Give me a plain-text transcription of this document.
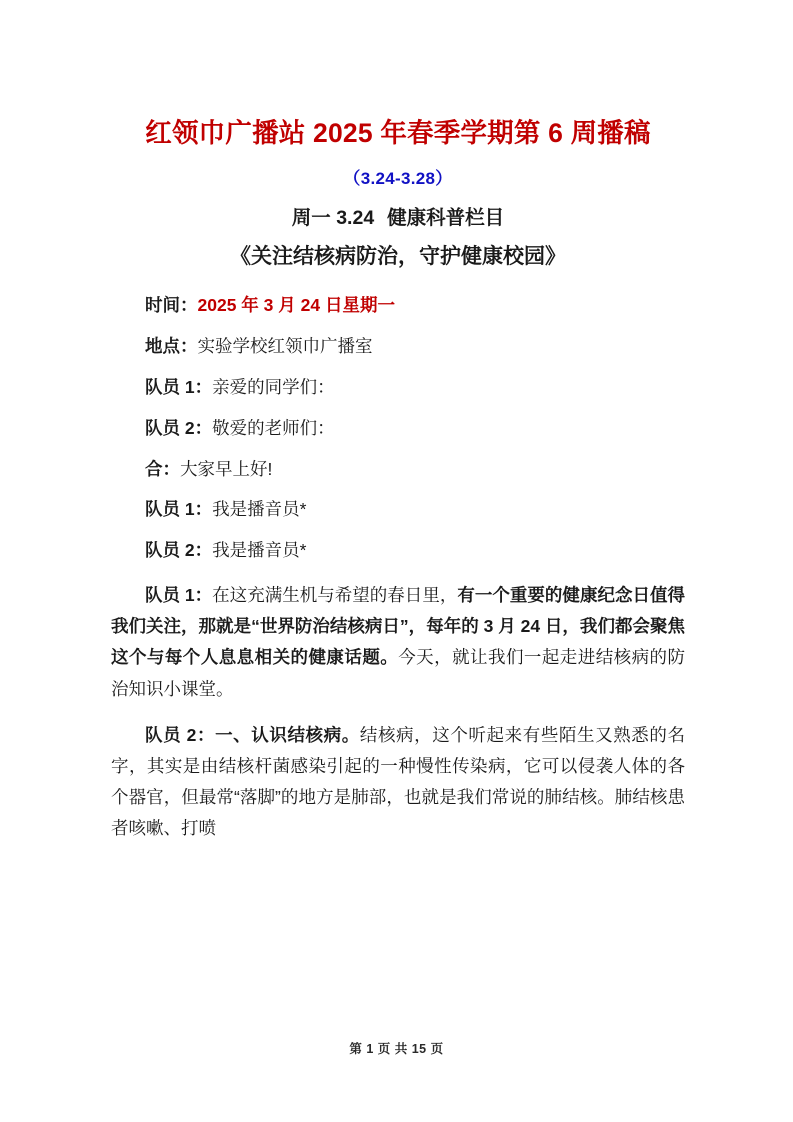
红领巾广播站 2025 年春季学期第 6 周播稿

（3.24-3.28）

周一 3.24 健康科普栏目

《关注结核病防治，守护健康校园》

时间：2025 年 3 月 24 日星期一

地点：实验学校红领巾广播室

队员 1：亲爱的同学们：

队员 2：敬爱的老师们：

合：大家早上好!

队员 1：我是播音员*

队员 2：我是播音员*

队员 1：在这充满生机与希望的春日里，有一个重要的健康纪念日值得我们关注，那就是“世界防治结核病日”，每年的 3 月 24 日，我们都会聚焦这个与每个人息息相关的健康话题。今天，就让我们一起走进结核病的防治知识小课堂。

队员 2：一、认识结核病。结核病，这个听起来有些陌生又熟悉的名字，其实是由结核杆菌感染引起的一种慢性传染病，它可以侵袭人体的各个器官，但最常“落脚”的地方是肺部，也就是我们常说的肺结核。肺结核患者咳嗽、打喷

第 1 页 共 15 页
